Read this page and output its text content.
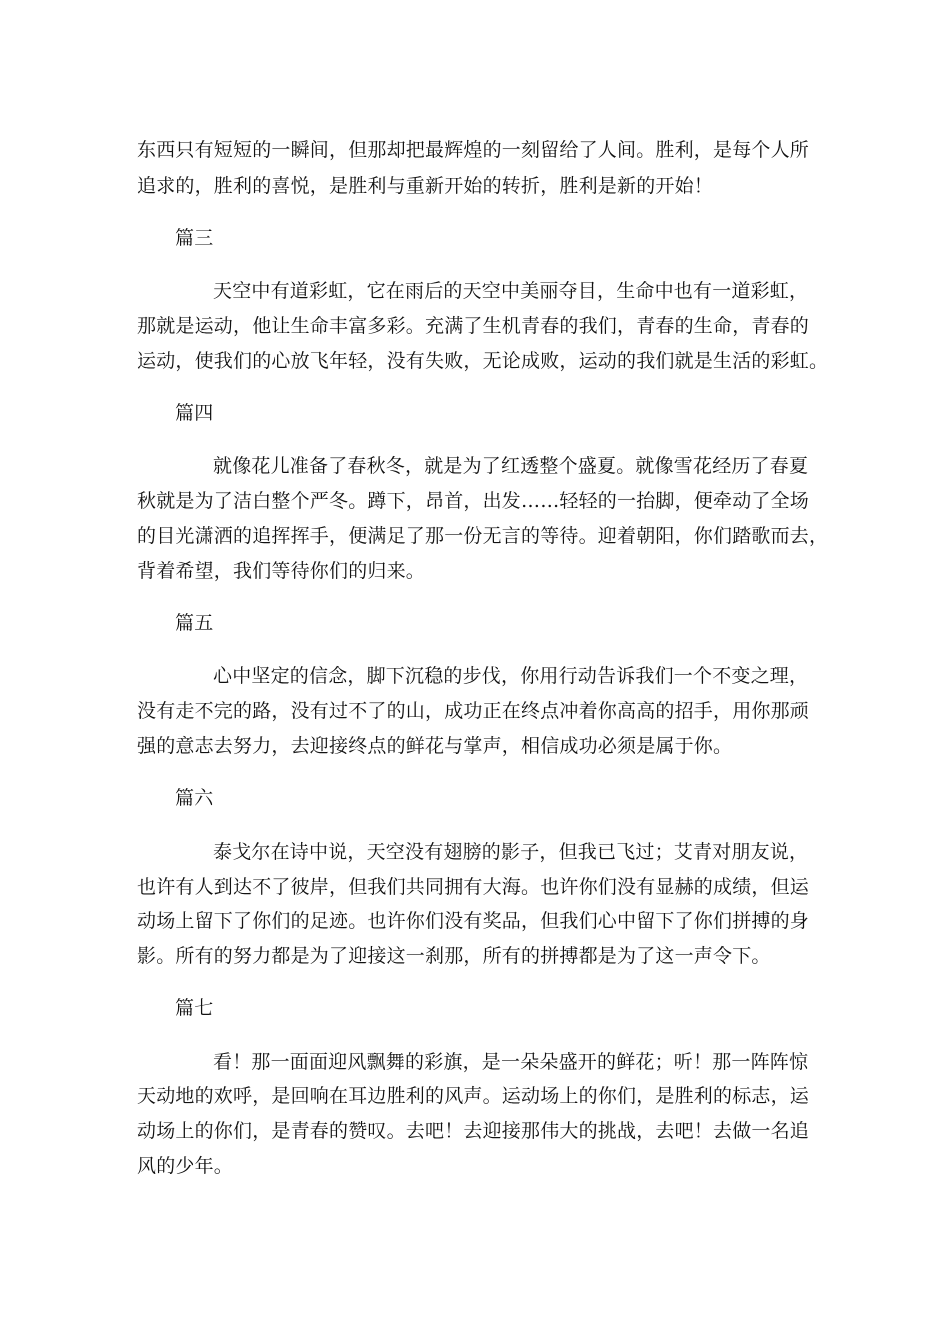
东西只有短短的一瞬间，但那却把最辉煌的一刻留给了人间。胜利，是每个人所
追求的，胜利的喜悦，是胜利与重新开始的转折，胜利是新的开始！
篇三
天空中有道彩虹，它在雨后的天空中美丽夺目，生命中也有一道彩虹，
那就是运动，他让生命丰富多彩。充满了生机青春的我们，青春的生命，青春的
运动，使我们的心放飞年轻，没有失败，无论成败，运动的我们就是生活的彩虹。
篇四
就像花儿准备了春秋冬，就是为了红透整个盛夏。就像雪花经历了春夏
秋就是为了洁白整个严冬。蹲下，昂首，出发……轻轻的一抬脚，便牵动了全场
的目光潇洒的追挥挥手，便满足了那一份无言的等待。迎着朝阳，你们踏歌而去，
背着希望，我们等待你们的归来。
篇五
心中坚定的信念，脚下沉稳的步伐，你用行动告诉我们一个不变之理，
没有走不完的路，没有过不了的山，成功正在终点冲着你高高的招手，用你那顽
强的意志去努力，去迎接终点的鲜花与掌声，相信成功必须是属于你。
篇六
泰戈尔在诗中说，天空没有翅膀的影子，但我已飞过；艾青对朋友说，
也许有人到达不了彼岸，但我们共同拥有大海。也许你们没有显赫的成绩，但运
动场上留下了你们的足迹。也许你们没有奖品，但我们心中留下了你们拼搏的身
影。所有的努力都是为了迎接这一刹那，所有的拼搏都是为了这一声令下。
篇七
看！那一面面迎风飘舞的彩旗，是一朵朵盛开的鲜花；听！那一阵阵惊
天动地的欢呼，是回响在耳边胜利的风声。运动场上的你们，是胜利的标志，运
动场上的你们，是青春的赞叹。去吧！去迎接那伟大的挑战，去吧！去做一名追
风的少年。
